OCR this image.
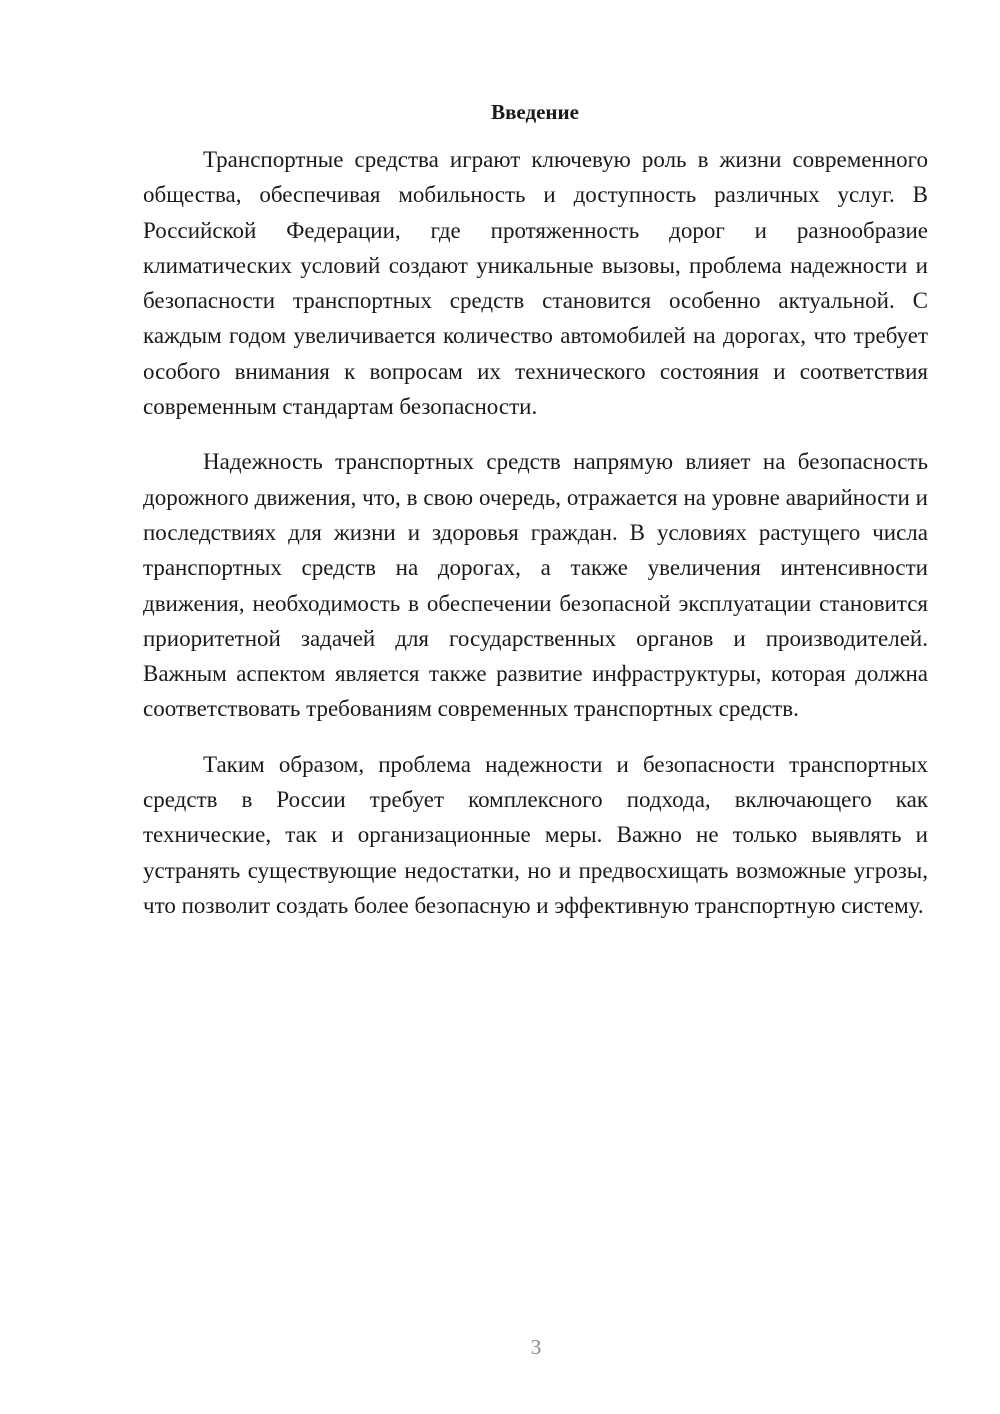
Введение

Транспортные средства играют ключевую роль в жизни современного общества, обеспечивая мобильность и доступность различных услуг. В Российской Федерации, где протяженность дорог и разнообразие климатических условий создают уникальные вызовы, проблема надежности и безопасности транспортных средств становится особенно актуальной. С каждым годом увеличивается количество автомобилей на дорогах, что требует особого внимания к вопросам их технического состояния и соответствия современным стандартам безопасности.

Надежность транспортных средств напрямую влияет на безопасность дорожного движения, что, в свою очередь, отражается на уровне аварийности и последствиях для жизни и здоровья граждан. В условиях растущего числа транспортных средств на дорогах, а также увеличения интенсивности движения, необходимость в обеспечении безопасной эксплуатации становится приоритетной задачей для государственных органов и производителей. Важным аспектом является также развитие инфраструктуры, которая должна соответствовать требованиям современных транспортных средств.

Таким образом, проблема надежности и безопасности транспортных средств в России требует комплексного подхода, включающего как технические, так и организационные меры. Важно не только выявлять и устранять существующие недостатки, но и предвосхищать возможные угрозы, что позволит создать более безопасную и эффективную транспортную систему.

3
